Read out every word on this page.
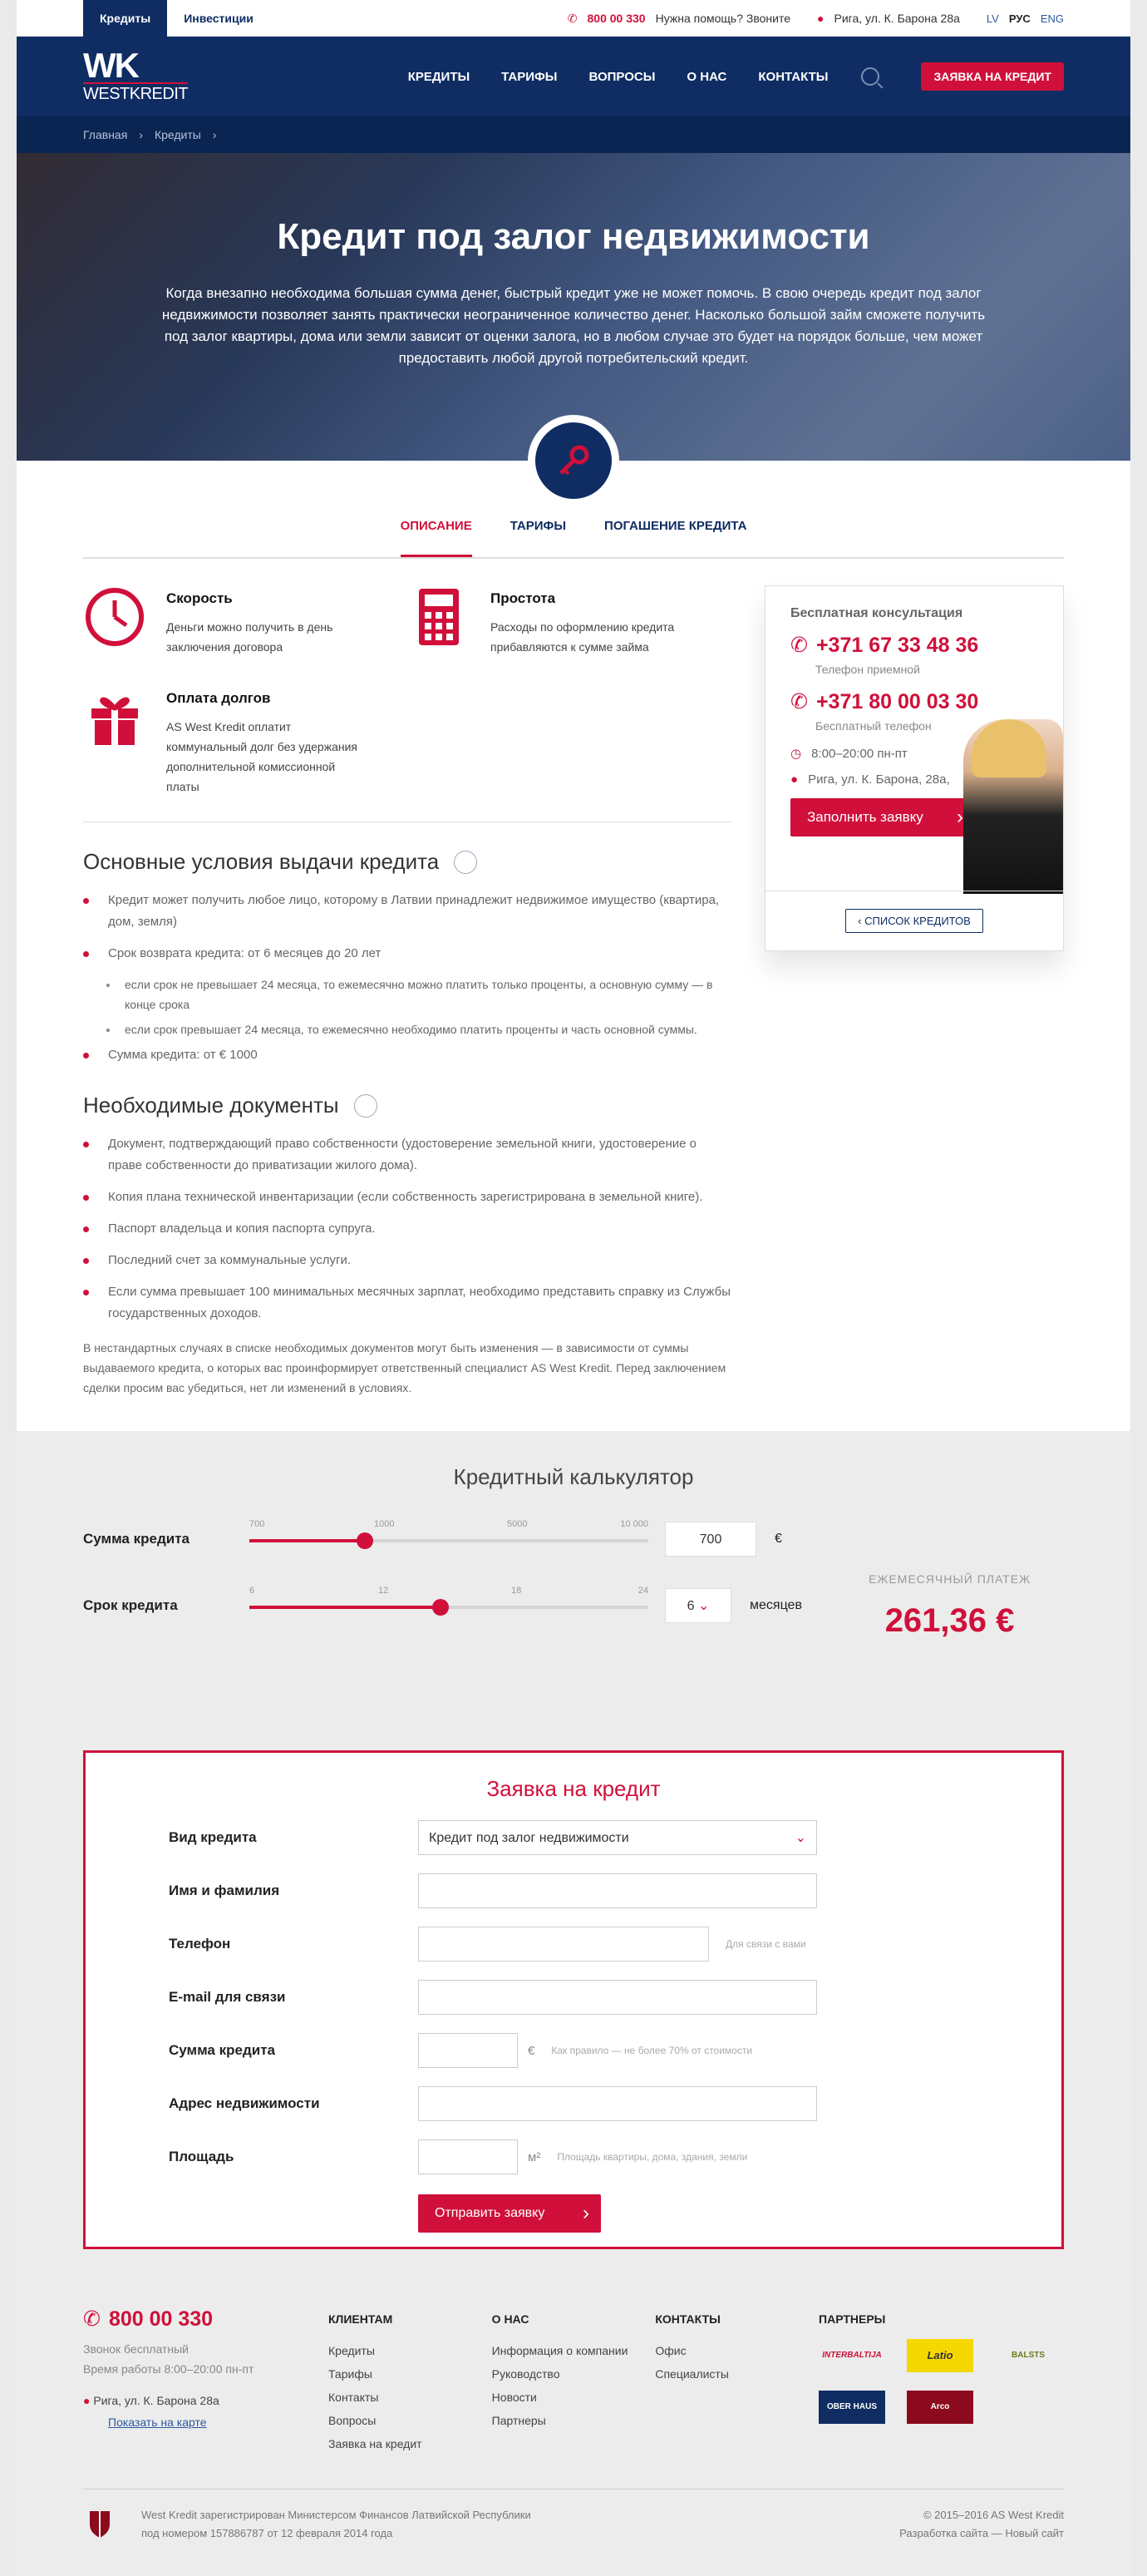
Кредиты	Инвестиции	✆ 800 00 330 Нужна помощь? Звоните ● Рига, ул. К. Барона 28а LV РУС ENG
WK
WESTKREDIT
КРЕДИТЫ	ТАРИФЫ	ВОПРОСЫ	О НАС	КОНТАКТЫ	ЗАЯВКА НА КРЕДИТ
Главная › Кредиты ›
Кредит под залог недвижимости

Когда внезапно необходима большая сумма денег, быстрый кредит уже не может помочь. В свою очередь кредит под залог недвижимости позволяет занять практически неограниченное количество денег. Насколько большой займ сможете получить под залог квартиры, дома или земли зависит от оценки залога, но в любом случае это будет на порядок больше, чем может предоставить любой другой потребительский кредит.

ОПИСАНИЕ	ТАРИФЫ	ПОГАШЕНИЕ КРЕДИТА
Скорость

Деньги можно получить в день заключения договора

Простота

Расходы по оформлению кредита прибавляются к сумме займа

Оплата долгов

AS West Kredit оплатит коммунальный долг без удержания дополнительной комиссионной платы

Основные условия выдачи кредита
Кредит может получить любое лицо, которому в Латвии принадлежит недвижимое имущество (квартира, дом, земля)
Срок возврата кредита: от 6 месяцев до 20 лет
если срок не превышает 24 месяца, то ежемесячно можно платить только проценты, а основную сумму — в конце срока
если срок превышает 24 месяца, то ежемесячно необходимо платить проценты и часть основной суммы.
Сумма кредита: от € 1000
Необходимые документы
Документ, подтверждающий право собственности (удостоверение земельной книги, удостоверение о праве собственности до приватизации жилого дома).
Копия плана технической инвентаризации (если собственность зарегистрирована в земельной книге).
Паспорт владельца и копия паспорта супруга.
Последний счет за коммунальные услуги.
Если сумма превышает 100 минимальных месячных зарплат, необходимо представить справку из Службы государственных доходов.
В нестандартных случаях в списке необходимых документов могут быть изменения — в зависимости от суммы выдаваемого кредита, о которых вас проинформирует ответственный специалист AS West Kredit. Перед заключением сделки просим вас убедиться, нет ли изменений в условиях.
Бесплатная консультация
✆ +371 67 33 48 36
Телефон приемной
✆ +371 80 00 03 30
Бесплатный телефон
◷ 8:00–20:00 пн-пт
● Рига, ул. К. Барона, 28а,
Заполнить заявку ›
‹ СПИСОК КРЕДИТОВ
Кредитный калькулятор
Сумма кредита
700	1000	5000	10 000
700	€
Срок кредита
6	12	18	24
6 ⌄	месяцев
ЕЖЕМЕСЯЧНЫЙ ПЛАТЕЖ
261,36 €
Заявка на кредит
Вид кредита	Кредит под залог недвижимости	⌄
Имя и фамилия
Телефон	Для связи с вами
E-mail для связи
Сумма кредита	€ Как правило — не более 70% от стоимости
Адрес недвижимости
Площадь	м² Площадь квартиры, дома, здания, земли
Отправить заявку ›
✆ 800 00 330
Звонок бесплатный
Время работы 8:00–20:00 пн-пт
● Рига, ул. К. Барона 28а
Показать на карте
КЛИЕНТАМ
Кредиты
Тарифы
Контакты
Вопросы
Заявка на кредит
О НАС
Информация о компании
Руководство
Новости
Партнеры
КОНТАКТЫ
Офис
Специалисты
ПАРТНЕРЫ
INTERBALTIJA	Latio	BALSTS
OBER HAUS	Arco
West Kredit зарегистрирован Министерсом Финансов Латвийской Республики под номером 157886787 от 12 февраля 2014 года
© 2015–2016 AS West Kredit
Разработка сайта — Новый сайт
